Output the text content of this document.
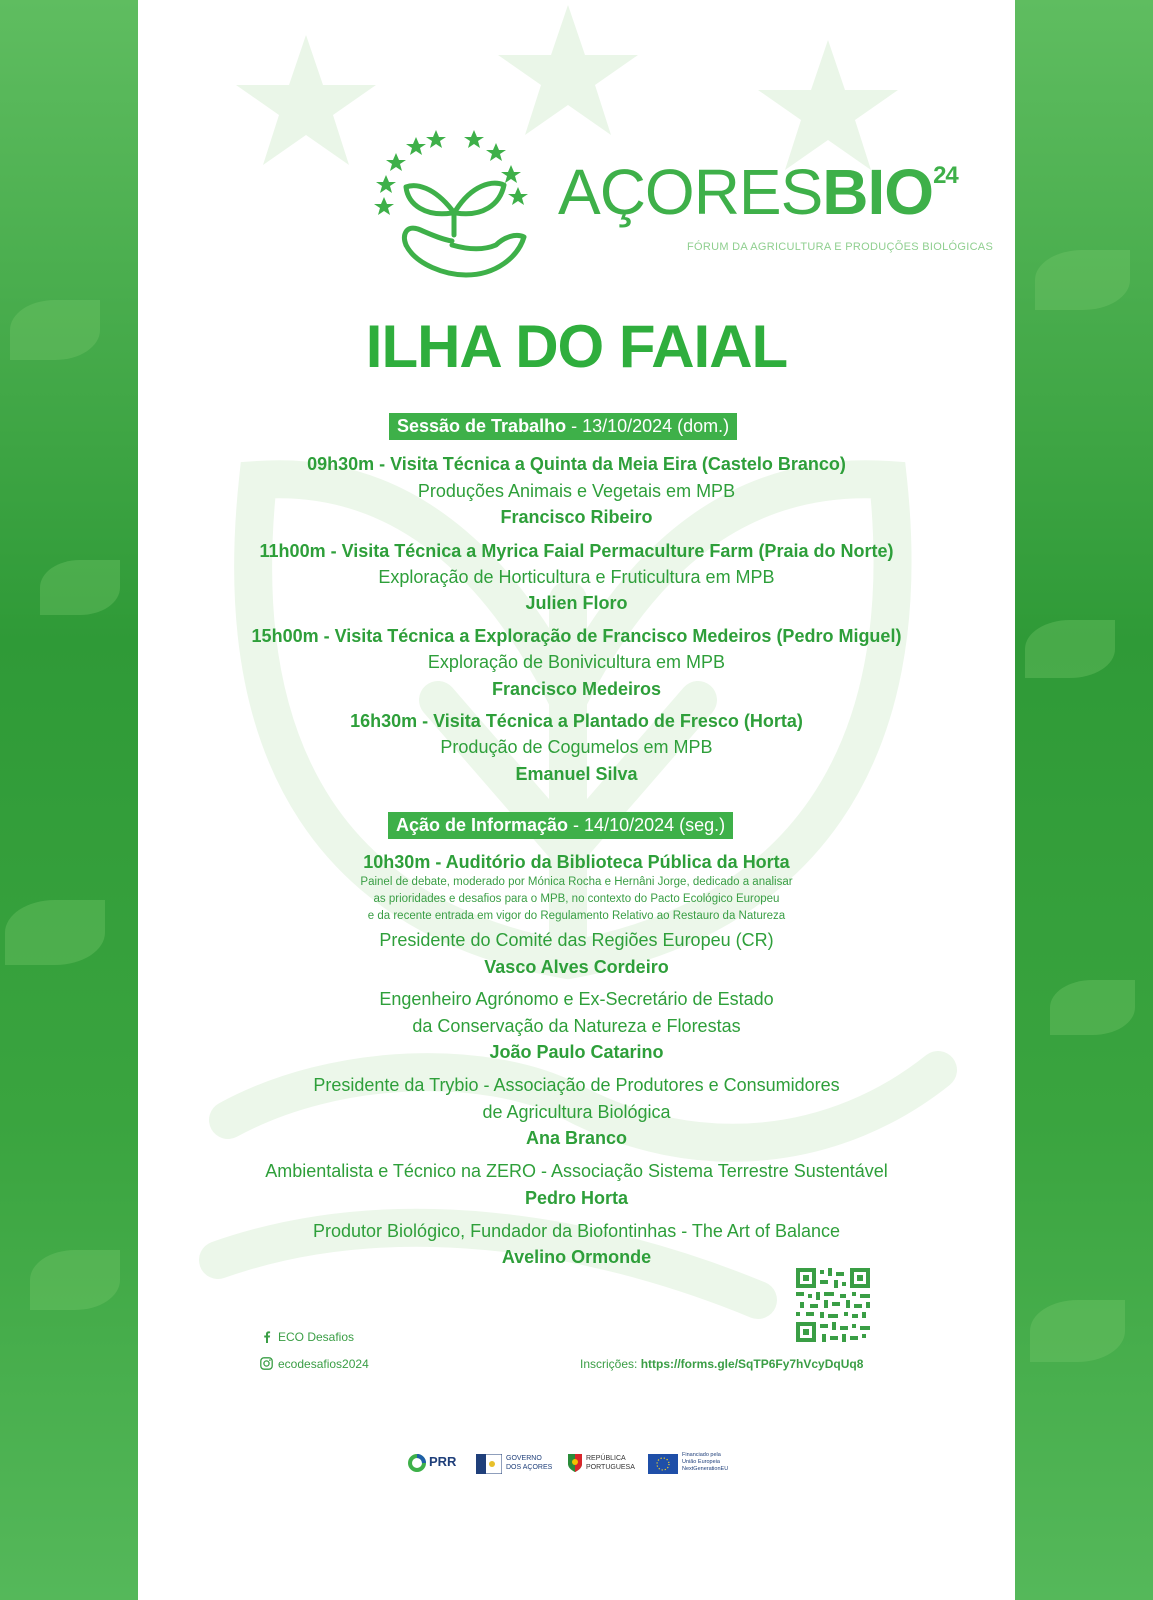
AÇORESBIO$^{24}$
FÓRUM DA AGRICULTURA E PRODUÇÕES BIOLÓGICAS
ILHA DO FAIAL
Sessão de Trabalho - 13/10/2024 (dom.)
09h30m - Visita Técnica a Quinta da Meia Eira (Castelo Branco)
Produções Animais e Vegetais em MPB
Francisco Ribeiro
11h00m - Visita Técnica a Myrica Faial Permaculture Farm (Praia do Norte)
Exploração de Horticultura e Fruticultura em MPB
Julien Floro
15h00m - Visita Técnica a Exploração de Francisco Medeiros (Pedro Miguel)
Exploração de Bonivicultura em MPB
Francisco Medeiros
16h30m - Visita Técnica a Plantado de Fresco (Horta)
Produção de Cogumelos em MPB
Emanuel Silva
Ação de Informação - 14/10/2024 (seg.)
10h30m - Auditório da Biblioteca Pública da Horta
Painel de debate, moderado por Mónica Rocha e Hernâni Jorge, dedicado a analisar
as prioridades e desafios para o MPB, no contexto do Pacto Ecológico Europeu
e da recente entrada em vigor do Regulamento Relativo ao Restauro da Natureza
Presidente do Comité das Regiões Europeu (CR)
Vasco Alves Cordeiro
Engenheiro Agrónomo e Ex-Secretário de Estado
da Conservação da Natureza e Florestas
João Paulo Catarino
Presidente da Trybio - Associação de Produtores e Consumidores
de Agricultura Biológica
Ana Branco
Ambientalista e Técnico na ZERO - Associação Sistema Terrestre Sustentável
Pedro Horta
Produtor Biológico, Fundador da Biofontinhas - The Art of Balance
Avelino Ormonde
ECO Desafios
ecodesafios2024	Inscrições: https://forms.gle/SqTP6Fy7hVcyDqUq8
PRR	GOVERNO
DOS AÇORES
REPÚBLICA
PORTUGUESA
Financiado pela
União Europeia
NextGenerationEU
